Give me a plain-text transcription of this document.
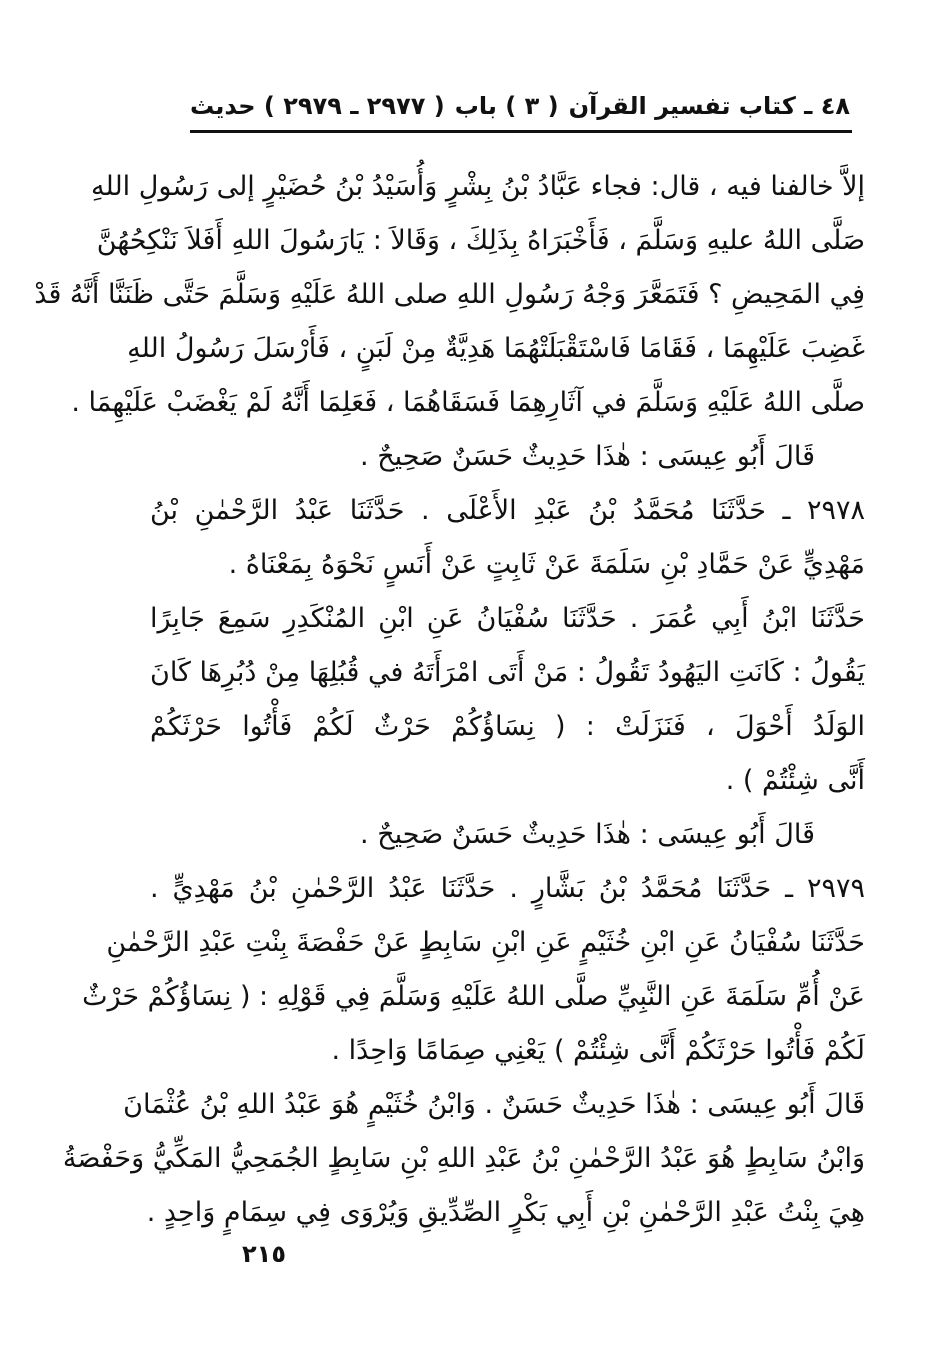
٤٨ ـ كتاب تفسير القرآن
( ٣ ) باب
( ٢٩٧٧ ـ ٢٩٧٩ ) حديث
إلاَّ خالفنا فيه ، قال: فجاء عَبَّادُ بْنُ بِشْرٍ وَأُسَيْدُ بْنُ حُضَيْرٍ إلى رَسُولِ اللهِ
صَلَّى اللهُ عليهِ وَسَلَّمَ ، فَأَخْبَرَاهُ بِذَلِكَ ، وَقَالاَ : يَارَسُولَ اللهِ أَفَلاَ نَنْكِحُهُنَّ
فِي المَحِيضِ ؟ فَتَمَعَّرَ وَجْهُ رَسُولِ اللهِ صلى اللهُ عَلَيْهِ وَسَلَّمَ حَتَّى ظَنَنَّا أَنَّهُ قَدْ
غَضِبَ عَلَيْهِمَا ، فَقَامَا فَاسْتَقْبَلَتْهُمَا هَدِيَّةٌ مِنْ لَبَنٍ ، فَأَرْسَلَ رَسُولُ اللهِ
صلَّى اللهُ عَلَيْهِ وَسَلَّمَ في آثَارِهِمَا فَسَقَاهُمَا ، فَعَلِمَا أَنَّهُ لَمْ يَغْضَبْ عَلَيْهِمَا .
قَالَ أَبُو عِيسَى : هٰذَا حَدِيثٌ حَسَنٌ صَحِيحٌ .
٢٩٧٨ ـ حَدَّثَنَا مُحَمَّدُ بْنُ عَبْدِ الأَعْلَى . حَدَّثَنَا عَبْدُ الرَّحْمٰنِ بْنُ
مَهْدِيٍّ عَنْ حَمَّادِ بْنِ سَلَمَةَ عَنْ ثَابِتٍ عَنْ أَنَسٍ نَحْوَهُ بِمَعْنَاهُ .
حَدَّثَنَا ابْنُ أَبِي عُمَرَ . حَدَّثَنَا سُفْيَانُ عَنِ ابْنِ المُنْكَدِرِ سَمِعَ جَابِرًا
يَقُولُ : كَانَتِ اليَهُودُ تَقُولُ : مَنْ أَتَى امْرَأَتَهُ في قُبُلِهَا مِنْ دُبُرِهَا كَانَ
الوَلَدُ أَحْوَلَ ، فَنَزَلَتْ : ( نِسَاؤُكُمْ حَرْثٌ لَكُمْ فَأْتُوا حَرْثَكُمْ
أَنَّى شِئْتُمْ ) .
قَالَ أَبُو عِيسَى : هٰذَا حَدِيثٌ حَسَنٌ صَحِيحٌ .
٢٩٧٩ ـ حَدَّثَنَا مُحَمَّدُ بْنُ بَشَّارٍ . حَدَّثَنَا عَبْدُ الرَّحْمٰنِ بْنُ مَهْدِيٍّ .
حَدَّثَنَا سُفْيَانُ عَنِ ابْنِ خُثَيْمٍ عَنِ ابْنِ سَابِطٍ عَنْ حَفْصَةَ بِنْتِ عَبْدِ الرَّحْمٰنِ
عَنْ أُمِّ سَلَمَةَ عَنِ النَّبِيِّ صلَّى اللهُ عَلَيْهِ وَسَلَّمَ فِي قَوْلِهِ : ( نِسَاؤُكُمْ حَرْثٌ
لَكُمْ فَأْتُوا حَرْثَكُمْ أَنَّى شِئْتُمْ ) يَعْنِي صِمَامًا وَاحِدًا .
قَالَ أَبُو عِيسَى : هٰذَا حَدِيثٌ حَسَنٌ . وَابْنُ خُثَيْمٍ هُوَ عَبْدُ اللهِ بْنُ عُثْمَانَ
وَابْنُ سَابِطٍ هُوَ عَبْدُ الرَّحْمٰنِ بْنُ عَبْدِ اللهِ بْنِ سَابِطٍ الجُمَحِيُّ المَكِّيُّ وَحَفْصَةُ
هِيَ بِنْتُ عَبْدِ الرَّحْمٰنِ بْنِ أَبِي بَكْرٍ الصِّدِّيقِ وَيُرْوَى فِي سِمَامٍ وَاحِدٍ .
٢١٥
